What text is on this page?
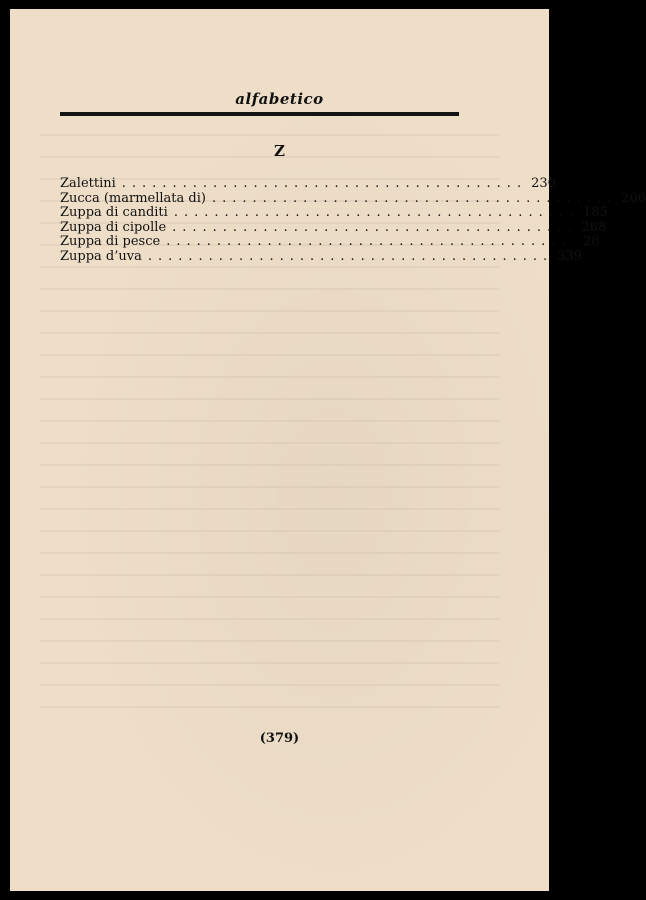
alfabetico
Z
Zalettini ........................................ 230
Zucca (marmellata di) ........................................ 206
Zuppa di canditi ........................................ 185
Zuppa di cipolle ........................................ 268
Zuppa di pesce ........................................ 28
Zuppa d’uva ........................................ 339
(379)
